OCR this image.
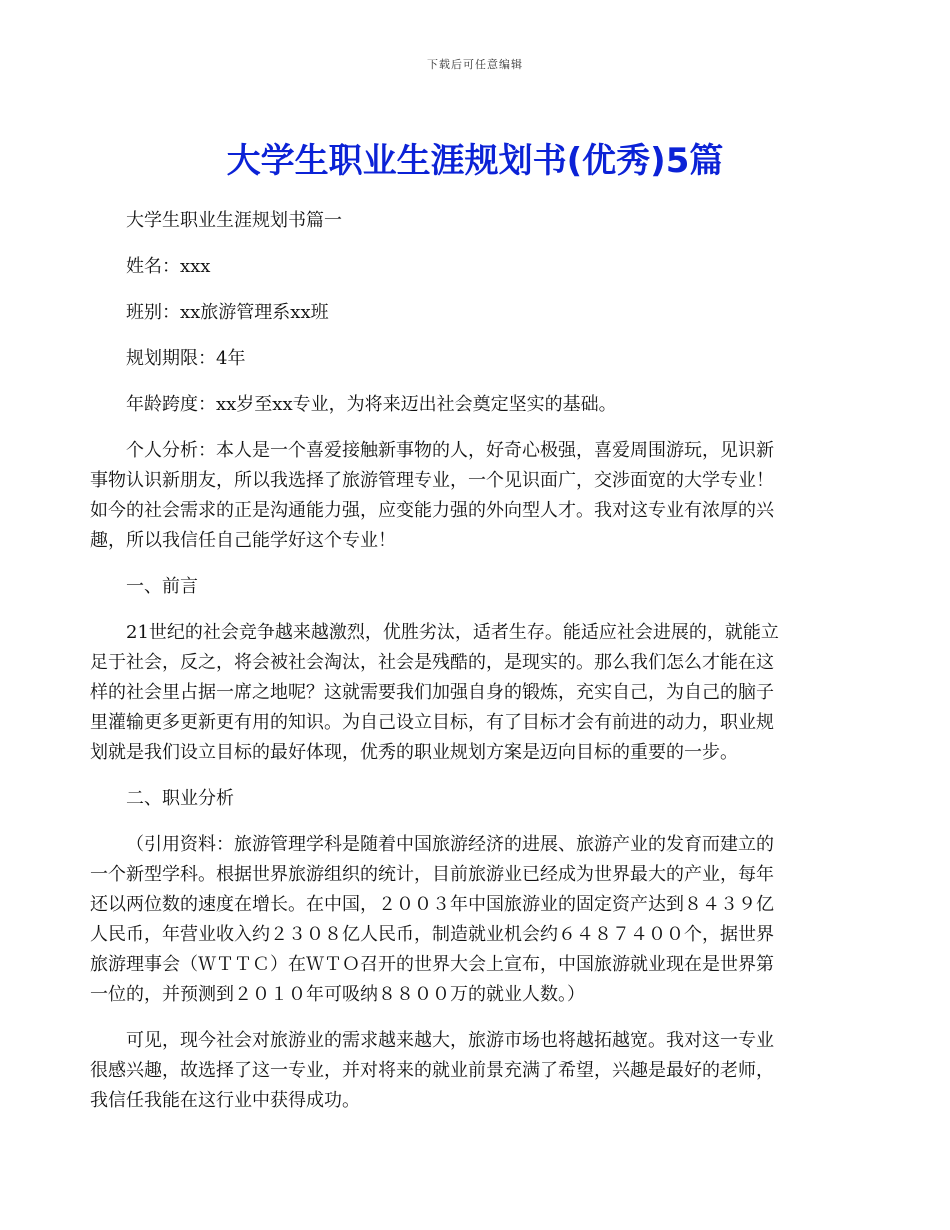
下载后可任意编辑
大学生职业生涯规划书(优秀)5篇

大学生职业生涯规划书篇一

姓名：xxx

班别：xx旅游管理系xx班

规划期限：4年

年龄跨度：xx岁至xx专业，为将来迈出社会奠定坚实的基础。

个人分析：本人是一个喜爱接触新事物的人，好奇心极强，喜爱周围游玩，见识新
事物认识新朋友，所以我选择了旅游管理专业，一个见识面广，交涉面宽的大学专业！
如今的社会需求的正是沟通能力强，应变能力强的外向型人才。我对这专业有浓厚的兴
趣，所以我信任自己能学好这个专业！

一、前言

21世纪的社会竞争越来越激烈，优胜劣汰，适者生存。能适应社会进展的，就能立
足于社会，反之，将会被社会淘汰，社会是残酷的，是现实的。那么我们怎么才能在这
样的社会里占据一席之地呢？这就需要我们加强自身的锻炼，充实自己，为自己的脑子
里灌输更多更新更有用的知识。为自己设立目标，有了目标才会有前进的动力，职业规
划就是我们设立目标的最好体现，优秀的职业规划方案是迈向目标的重要的一步。

二、职业分析

（引用资料：旅游管理学科是随着中国旅游经济的进展、旅游产业的发育而建立的
一个新型学科。根据世界旅游组织的统计，目前旅游业已经成为世界最大的产业，每年
还以两位数的速度在增长。在中国，２００３年中国旅游业的固定资产达到８４３９亿
人民币，年营业收入约２３０８亿人民币，制造就业机会约６４８７４００个，据世界
旅游理事会（ＷＴＴＣ）在ＷＴＯ召开的世界大会上宣布，中国旅游就业现在是世界第
一位的，并预测到２０１０年可吸纳８８００万的就业人数。）
可见，现今社会对旅游业的需求越来越大，旅游市场也将越拓越宽。我对这一专业
很感兴趣，故选择了这一专业，并对将来的就业前景充满了希望，兴趣是最好的老师，
我信任我能在这行业中获得成功。
